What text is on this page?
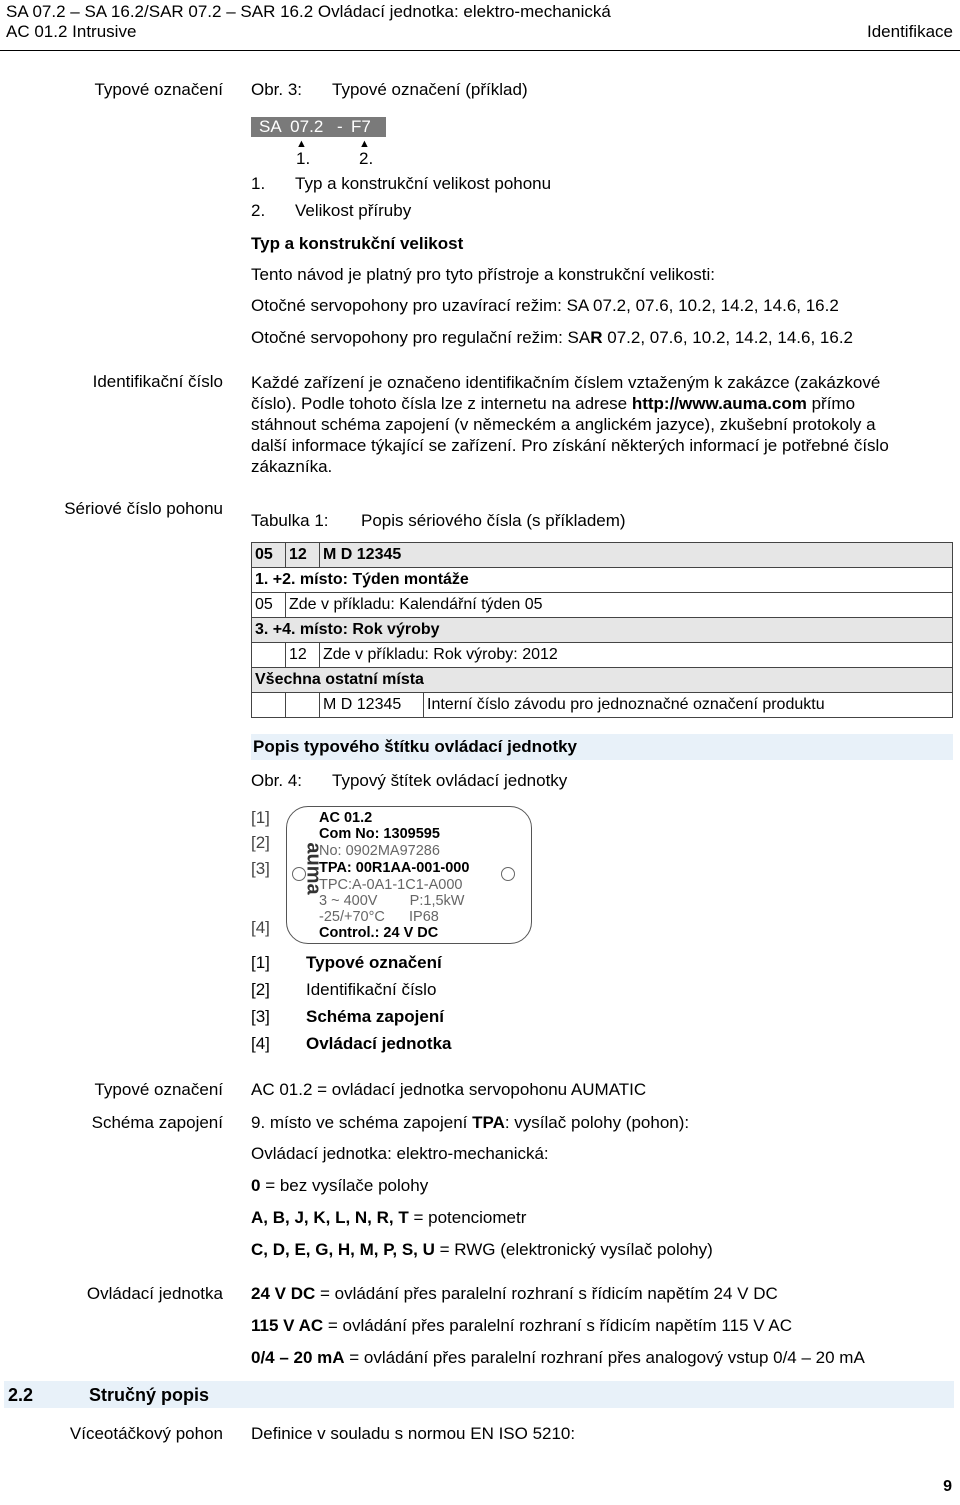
SA 07.2 – SA 16.2/SAR 07.2 – SAR 16.2 Ovládací jednotka: elektro-mechanická
AC 01.2 Intrusive	Identifikace
Typové označení
Identifikační číslo
Sériové číslo pohonu
Typové označení
Schéma zapojení
Ovládací jednotka
Víceotáčkový pohon
Obr. 3: Typové označení (příklad)
SA  07.2 - F7
▲	▲
1.	2.
1. Typ a konstrukční velikost pohonu
2. Velikost příruby
Typ a konstrukční velikost
Tento návod je platný pro tyto přístroje a konstrukční velikosti:
Otočné servopohony pro uzavírací režim: SA 07.2, 07.6, 10.2, 14.2, 14.6, 16.2
Otočné servopohony pro regulační režim: SAR 07.2, 07.6, 10.2, 14.2, 14.6, 16.2
Každé zařízení je označeno identifikačním číslem vztaženým k zakázce (zakázkové
číslo). Podle tohoto čísla lze z internetu na adrese http://www.auma.com přímo
stáhnout schéma zapojení (v německém a anglickém jazyce), zkušební protokoly a
další informace týkající se zařízení. Pro získání některých informací je potřebné číslo
zákazníka.
Tabulka 1: Popis sériového čísla (s příkladem)
05	12	M D 12345	
1. +2. místo: Týden montáže			
05	Zde v příkladu: Kalendářní týden 05		
3. +4. místo: Rok výroby			
	12	Zde v příkladu: Rok výroby: 2012	
Všechna ostatní místa			
		M D 12345	Interní číslo závodu pro jednoznačné označení produktu
Popis typového štítku ovládací jednotky
Obr. 4: Typový štítek ovládací jednotky
[1]
[2]
[3]
[4]
auma
AC 01.2
Com No: 1309595
No: 0902MA97286
TPA: 00R1AA-001-000
TPC:A-0A1-1C1-A000
3 ~ 400V        P:1,5kW
-25/+70°C      IP68
Control.: 24 V DC
[1] Typové označení
[2] Identifikační číslo
[3] Schéma zapojení
[4] Ovládací jednotka
AC 01.2 = ovládací jednotka servopohonu AUMATIC
9. místo ve schéma zapojení TPA: vysílač polohy (pohon):
Ovládací jednotka: elektro-mechanická:
0 = bez vysílače polohy
A, B, J, K, L, N, R, T = potenciometr
C, D, E, G, H, M, P, S, U = RWG (elektronický vysílač polohy)
24 V DC = ovládání přes paralelní rozhraní s řídicím napětím 24 V DC
115 V AC = ovládání přes paralelní rozhraní s řídicím napětím 115 V AC
0/4 – 20 mA = ovládání přes paralelní rozhraní přes analogový vstup 0/4 – 20 mA
2.2	Stručný popis
Definice v souladu s normou EN ISO 5210:
9
